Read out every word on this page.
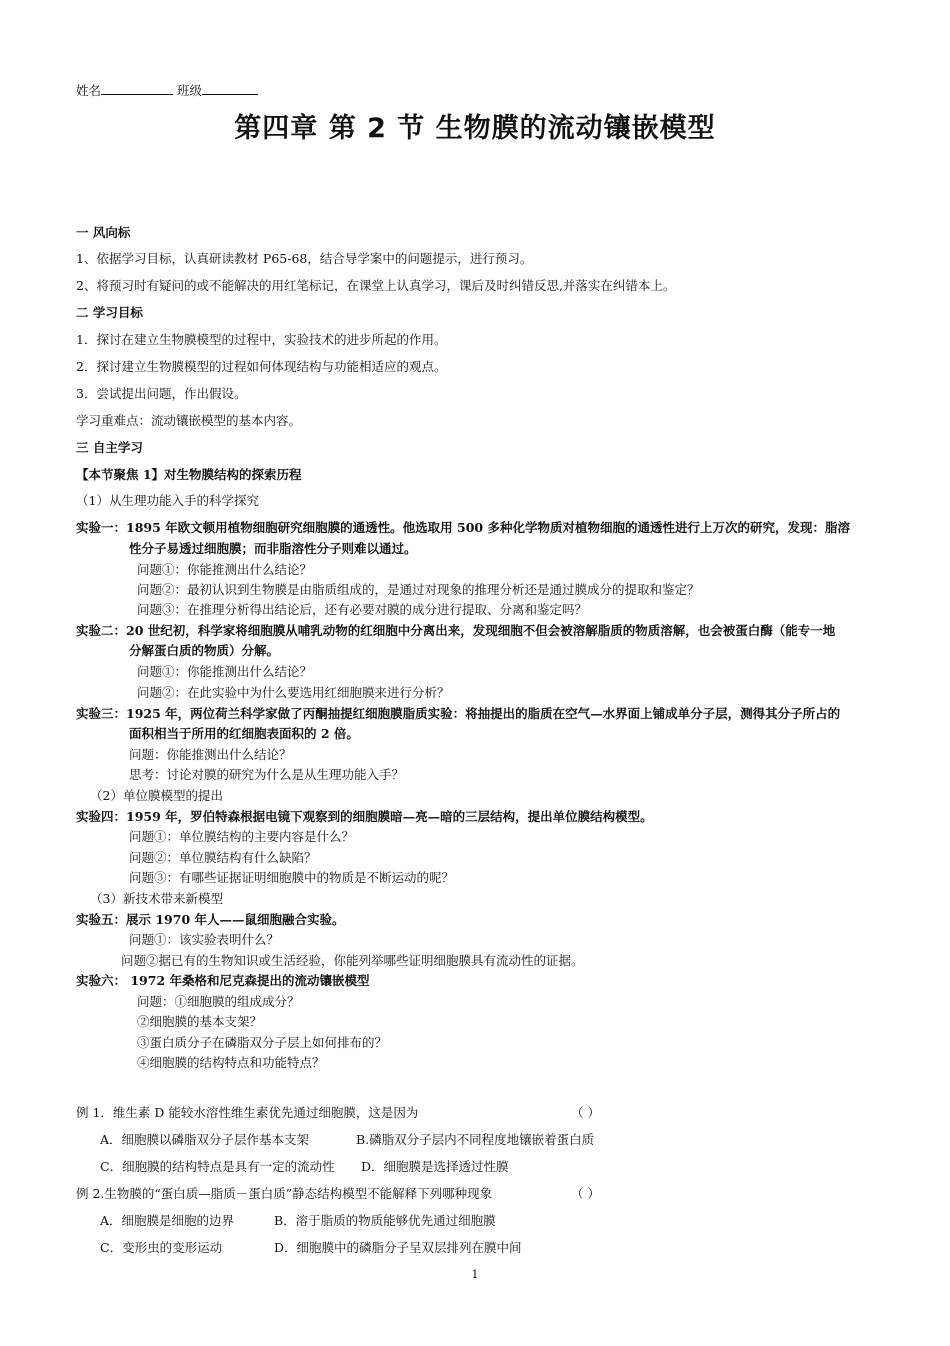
姓名	班级
第四章 第 2 节 生物膜的流动镶嵌模型
一 风向标
1、依据学习目标，认真研读教材 P65-68，结合导学案中的问题提示，进行预习。
2、将预习时有疑问的或不能解决的用红笔标记，在课堂上认真学习，课后及时纠错反思,并落实在纠错本上。
二 学习目标
1．探讨在建立生物膜模型的过程中，实验技术的进步所起的作用。
2．探讨建立生物膜模型的过程如何体现结构与功能相适应的观点。
3．尝试提出问题，作出假设。
学习重难点：流动镶嵌模型的基本内容。
三 自主学习
【本节聚焦 1】对生物膜结构的探索历程
（1）从生理功能入手的科学探究
实验一：1895 年欧文顿用植物细胞研究细胞膜的通透性。他选取用 500 多种化学物质对植物细胞的通透性进行上万次的研究，发现：脂溶
性分子易透过细胞膜；而非脂溶性分子则难以通过。
问题①：你能推测出什么结论？
问题②：最初认识到生物膜是由脂质组成的，是通过对现象的推理分析还是通过膜成分的提取和鉴定？
问题③：在推理分析得出结论后，还有必要对膜的成分进行提取、分离和鉴定吗？
实验二：20 世纪初，科学家将细胞膜从哺乳动物的红细胞中分离出来，发现细胞不但会被溶解脂质的物质溶解，也会被蛋白酶（能专一地
分解蛋白质的物质）分解。
问题①：你能推测出什么结论？
问题②：在此实验中为什么要选用红细胞膜来进行分析？
实验三：1925 年，两位荷兰科学家做了丙酮抽提红细胞膜脂质实验：将抽提出的脂质在空气—水界面上铺成单分子层，测得其分子所占的
面积相当于所用的红细胞表面积的 2 倍。
问题：你能推测出什么结论？
思考：讨论对膜的研究为什么是从生理功能入手？
（2）单位膜模型的提出
实验四：1959 年，罗伯特森根据电镜下观察到的细胞膜暗—亮—暗的三层结构，提出单位膜结构模型。
问题①：单位膜结构的主要内容是什么？
问题②：单位膜结构有什么缺陷？
问题③：有哪些证据证明细胞膜中的物质是不断运动的呢？
（3）新技术带来新模型
实验五：展示 1970 年人——鼠细胞融合实验。
问题①：该实验表明什么？
问题②据已有的生物知识或生活经验，你能列举哪些证明细胞膜具有流动性的证据。
实验六： 1972 年桑格和尼克森提出的流动镶嵌模型
问题：①细胞膜的组成成分？
②细胞膜的基本支架？
③蛋白质分子在磷脂双分子层上如何排布的？
④细胞膜的结构特点和功能特点？
例 1．维生素 D 能较水溶性维生素优先通过细胞膜，这是因为	（ ）
A．细胞膜以磷脂双分子层作基本支架	B.磷脂双分子层内不同程度地镶嵌着蛋白质
C．细胞膜的结构特点是具有一定的流动性 D．细胞膜是选择透过性膜
例 2.生物膜的“蛋白质—脂质－蛋白质”静态结构模型不能解释下列哪种现象	（ ）
A．细胞膜是细胞的边界	B．溶于脂质的物质能够优先通过细胞膜
C．变形虫的变形运动	D．细胞膜中的磷脂分子呈双层排列在膜中间
1
